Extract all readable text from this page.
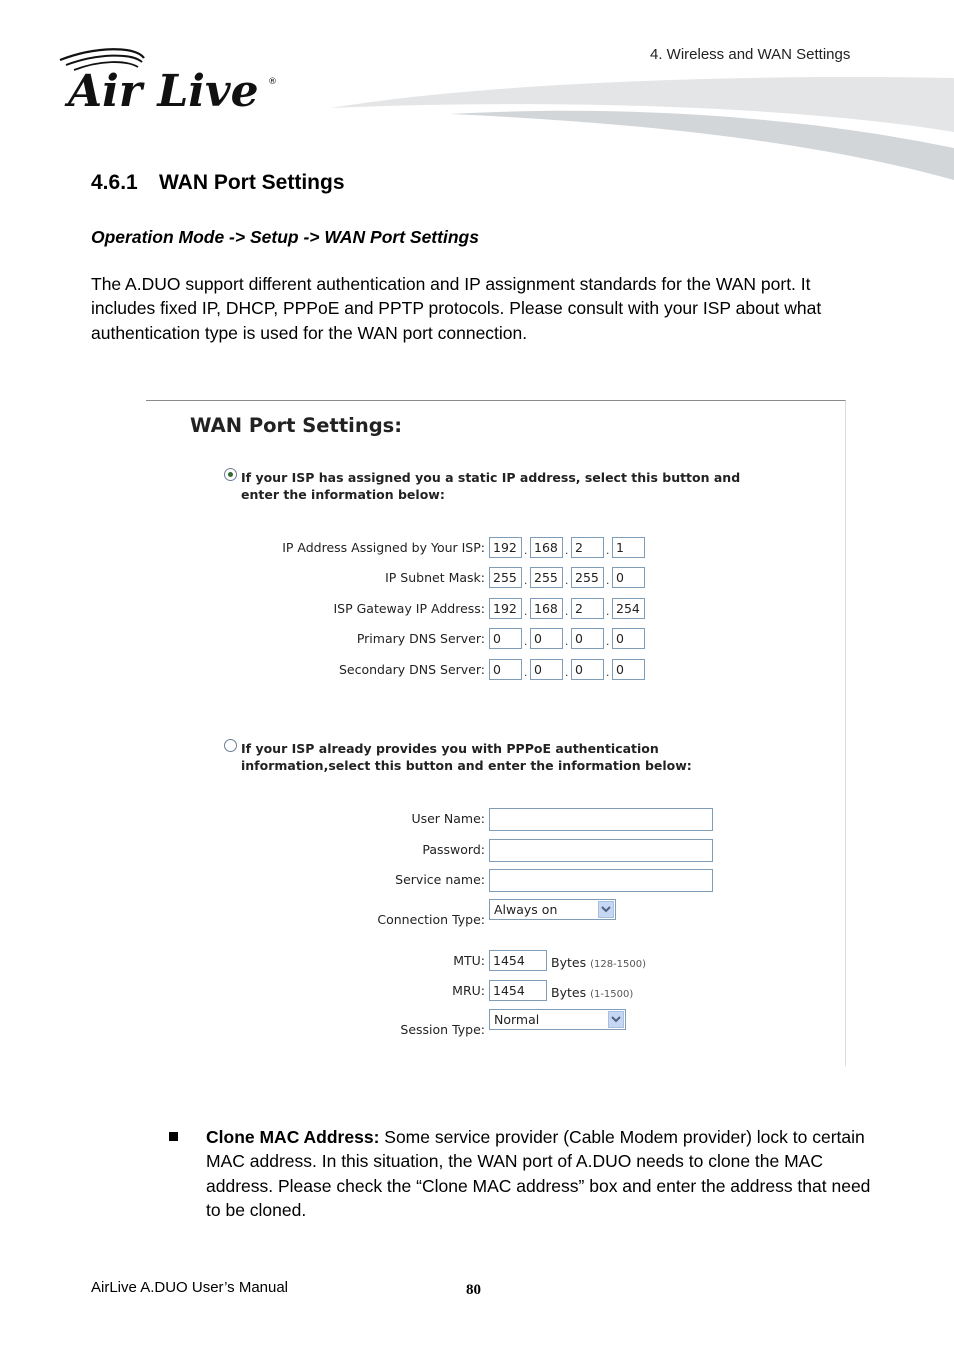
Air Live ®
4. Wireless and WAN Settings
4.6.1 WAN Port Settings
Operation Mode -> Setup -> WAN Port Settings
The A.DUO support different authentication and IP assignment standards for the WAN port. It includes fixed IP, DHCP, PPPoE and PPTP protocols. Please consult with your ISP about what authentication type is used for the WAN port connection.
WAN Port Settings:
If your ISP has assigned you a static IP address, select this button and enter the information below:
IP Address Assigned by Your ISP: 192 . 168 . 2	. 1
IP Subnet Mask: 255 . 255 . 255 . 0
ISP Gateway IP Address: 192 . 168 . 2	. 254
Primary DNS Server: 0	. 0	. 0	. 0
Secondary DNS Server: 0	. 0	. 0	. 0
If your ISP already provides you with PPPoE authentication information,select this button and enter the information below:
User Name:
Password:
Service name:
Connection Type:
Always on
MTU: 1454	Bytes (128-1500)
MRU: 1454	Bytes (1-1500)
Session Type:
Normal
Clone MAC Address: Some service provider (Cable Modem provider) lock to certain MAC address. In this situation, the WAN port of A.DUO needs to clone the MAC address. Please check the “Clone MAC address” box and enter the address that need to be cloned.
AirLive A.DUO User’s Manual	80
